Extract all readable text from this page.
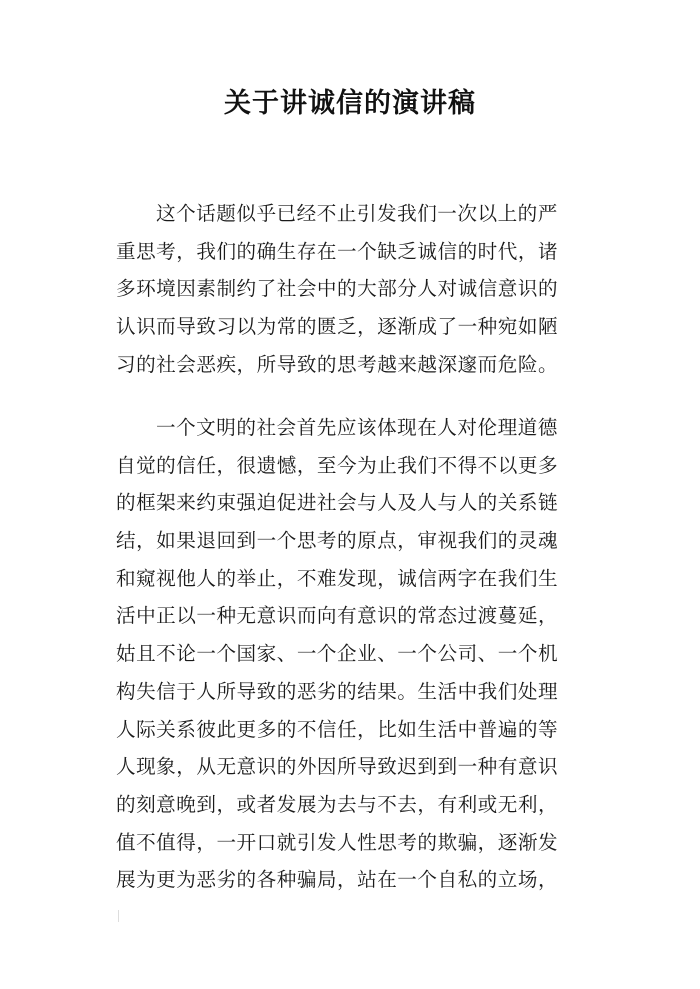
关于讲诚信的演讲稿
这个话题似乎已经不止引发我们一次以上的严
重思考，我们的确生存在一个缺乏诚信的时代，诸
多环境因素制约了社会中的大部分人对诚信意识的
认识而导致习以为常的匮乏，逐渐成了一种宛如陋
习的社会恶疾，所导致的思考越来越深邃而危险。
一个文明的社会首先应该体现在人对伦理道德
自觉的信任，很遗憾，至今为止我们不得不以更多
的框架来约束强迫促进社会与人及人与人的关系链
结，如果退回到一个思考的原点，审视我们的灵魂
和窥视他人的举止，不难发现，诚信两字在我们生
活中正以一种无意识而向有意识的常态过渡蔓延，
姑且不论一个国家、一个企业、一个公司、一个机
构失信于人所导致的恶劣的结果。生活中我们处理
人际关系彼此更多的不信任，比如生活中普遍的等
人现象，从无意识的外因所导致迟到到一种有意识
的刻意晚到，或者发展为去与不去，有利或无利，
值不值得，一开口就引发人性思考的欺骗，逐渐发
展为更为恶劣的各种骗局，站在一个自私的立场，
